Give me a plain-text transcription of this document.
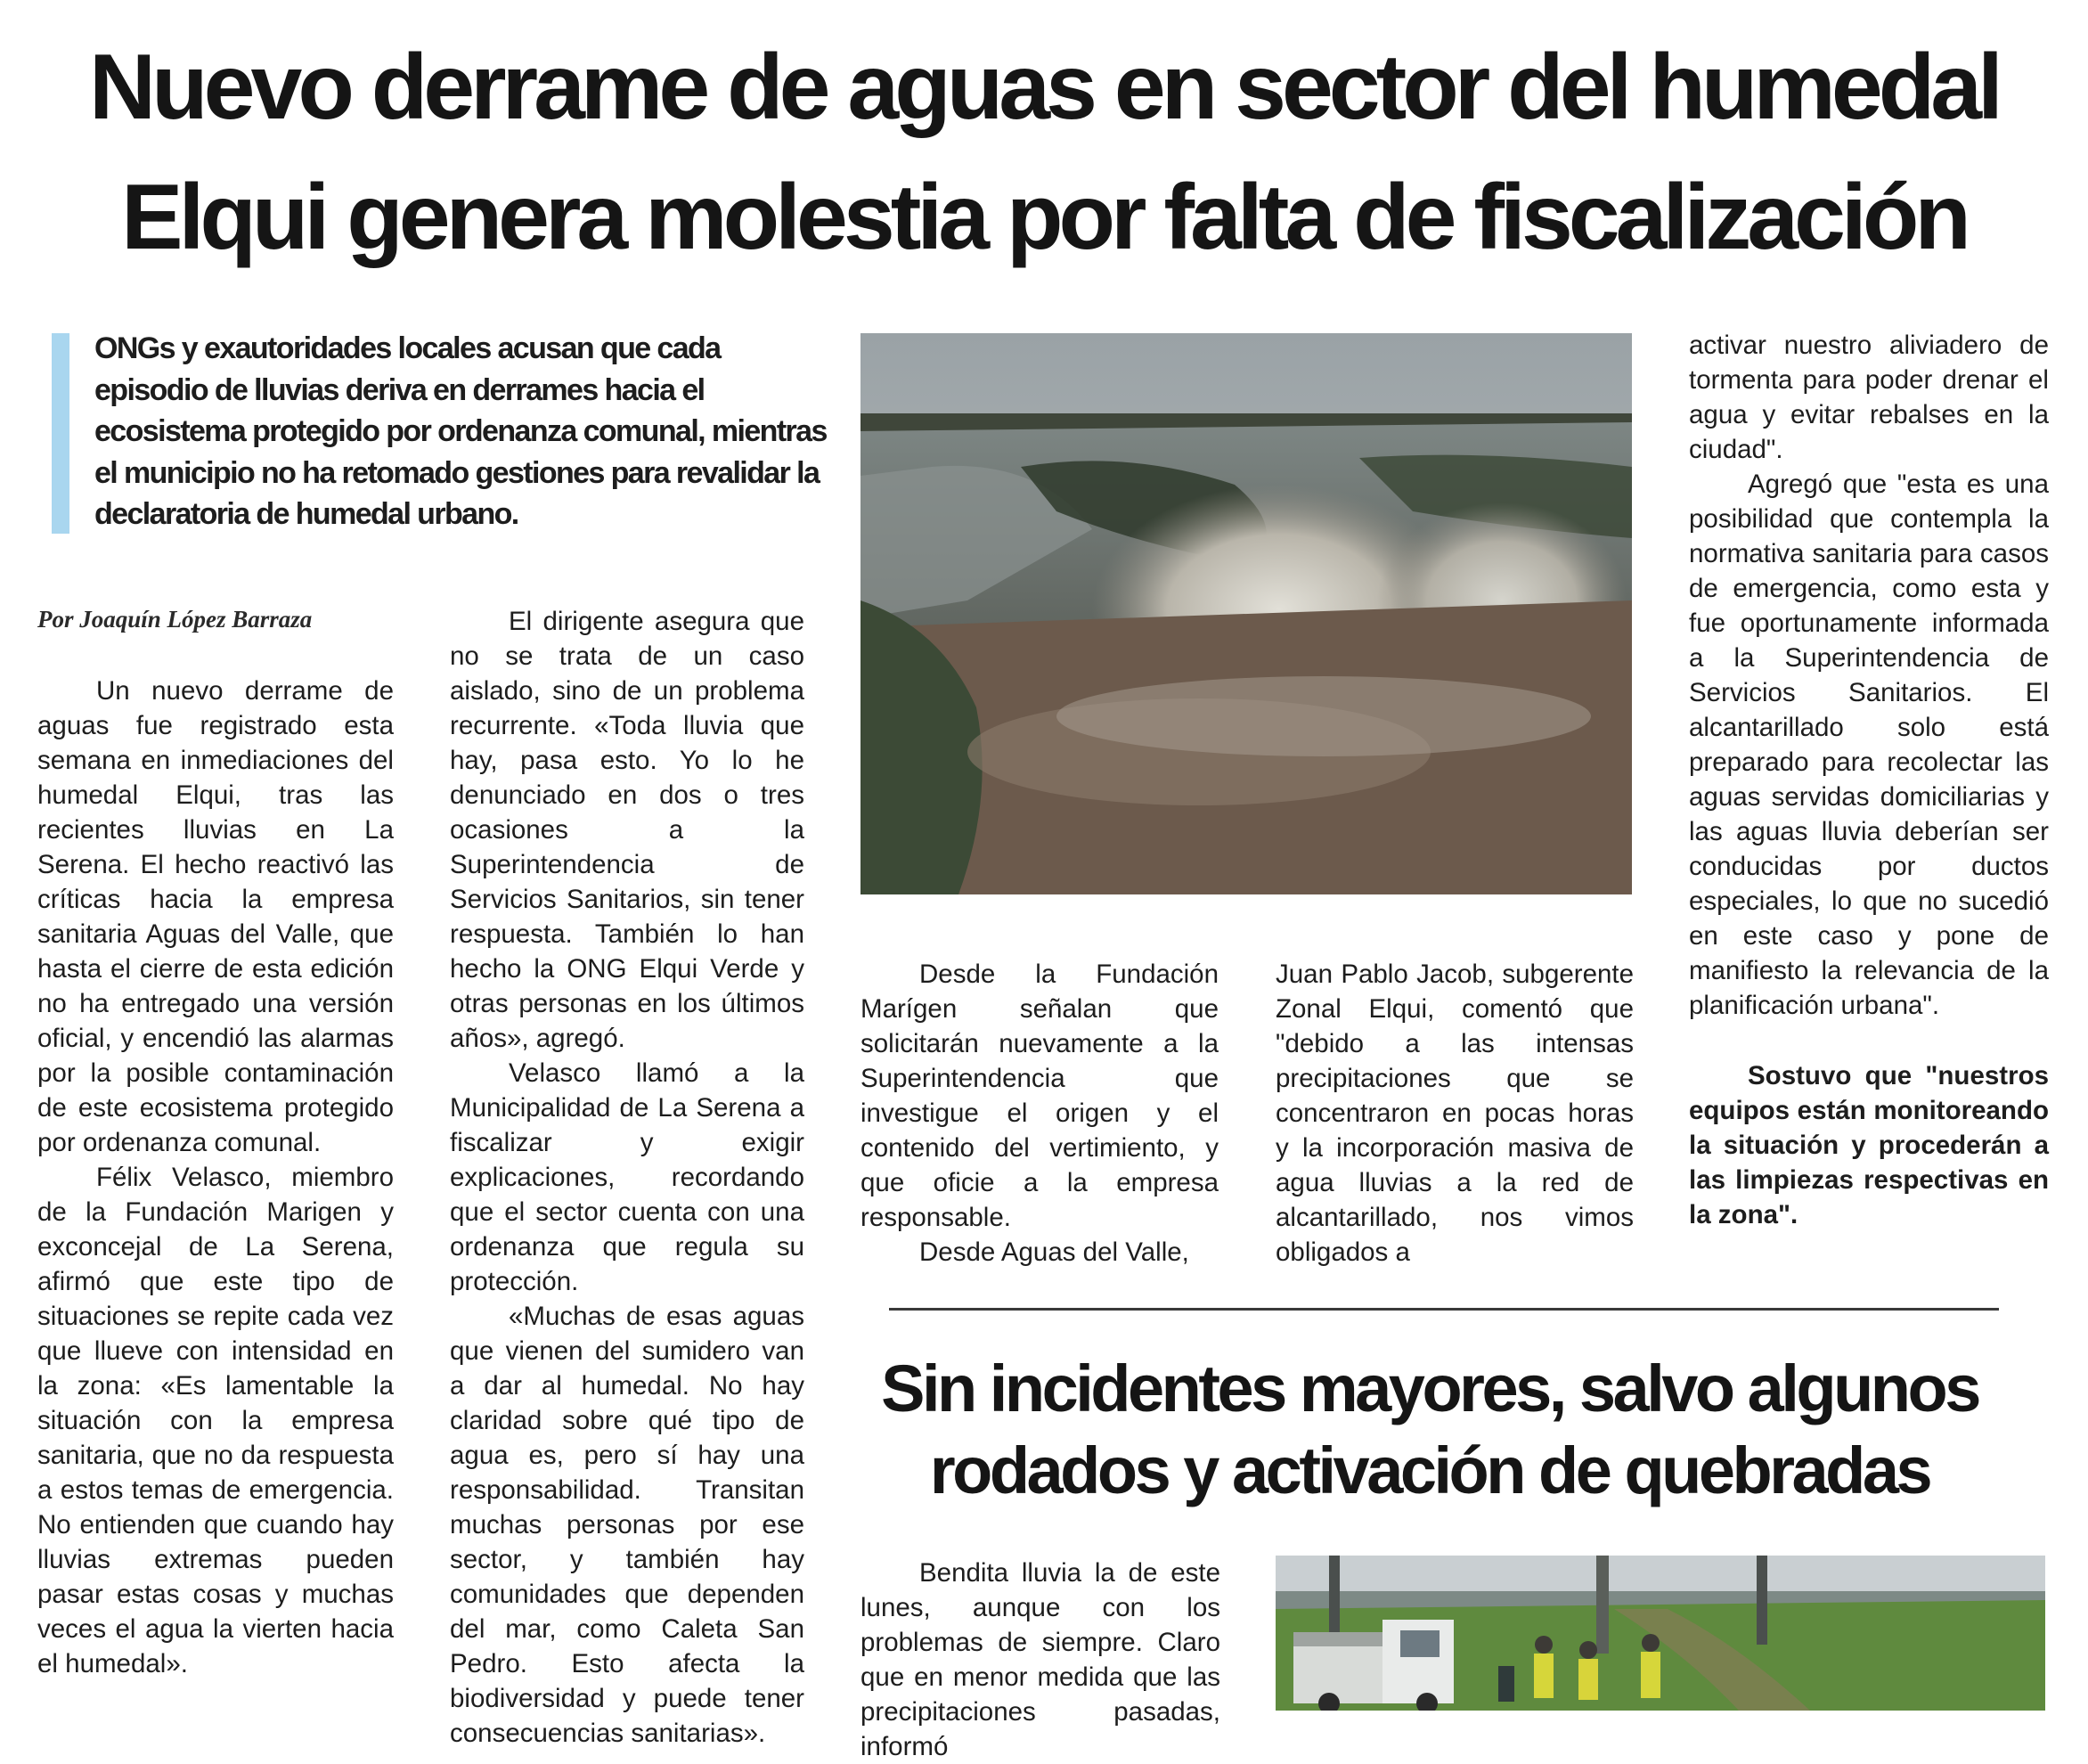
Nuevo derrame de aguas en sector del humedal
Elqui genera molestia por falta de fiscalización

ONGs y exautoridades locales acusan que cada episodio de lluvias deriva en derrames hacia el ecosistema protegido por ordenanza comunal, mientras el municipio no ha retomado gestiones para revalidar la declaratoria de humedal urbano.

Por Joaquín López Barraza

Un nuevo derrame de aguas fue registrado esta semana en inmediaciones del humedal Elqui, tras las recientes lluvias en La Serena. El hecho reactivó las críticas hacia la empresa sanitaria Aguas del Valle, que hasta el cierre de esta edición no ha entregado una versión oficial, y encendió las alarmas por la posible contaminación de este ecosistema protegido por ordenanza comunal.

Félix Velasco, miembro de la Fundación Marigen y exconcejal de La Serena, afirmó que este tipo de situaciones se repite cada vez que llueve con intensidad en la zona: «Es lamentable la situación con la empresa sanitaria, que no da respuesta a estos temas de emergencia. No entienden que cuando hay lluvias extremas pueden pasar estas cosas y muchas veces el agua la vierten hacia el humedal».

El dirigente asegura que no se trata de un caso aislado, sino de un problema recurrente. «Toda lluvia que hay, pasa esto. Yo lo he denunciado en dos o tres ocasiones a la Superintendencia de Servicios Sanitarios, sin tener respuesta. También lo han hecho la ONG Elqui Verde y otras personas en los últimos años», agregó.

Velasco llamó a la Municipalidad de La Serena a fiscalizar y exigir explicaciones, recordando que el sector cuenta con una ordenanza que regula su protección.

«Muchas de esas aguas que vienen del sumidero van a dar al humedal. No hay claridad sobre qué tipo de agua es, pero sí hay una responsabilidad. Transitan muchas personas por ese sector, y también hay comunidades que dependen del mar, como Caleta San Pedro. Esto afecta la biodiversidad y puede tener consecuencias sanitarias».

Desde la Fundación Marígen señalan que solicitarán nuevamente a la Superintendencia que investigue el origen y el contenido del vertimiento, y que oficie a la empresa responsable.

Desde Aguas del Valle,

Juan Pablo Jacob, subgerente Zonal Elqui, comentó que "debido a las intensas precipitaciones que se concentraron en pocas horas y la incorporación masiva de agua lluvias a la red de alcantarillado, nos vimos obligados a

activar nuestro aliviadero de tormenta para poder drenar el agua y evitar rebalses en la ciudad".

Agregó que "esta es una posibilidad que contempla la normativa sanitaria para casos de emergencia, como esta y fue oportunamente informada a la Superintendencia de Servicios Sanitarios. El alcantarillado solo está preparado para recolectar las aguas servidas domiciliarias y las aguas lluvia deberían ser conducidas por ductos especiales, lo que no sucedió en este caso y pone de manifiesto la relevancia de la planificación urbana".

Sostuvo que "nuestros equipos están monitoreando la situación y procederán a las limpiezas respectivas en la zona".

Sin incidentes mayores, salvo algunos
rodados y activación de quebradas

Bendita lluvia la de este lunes, aunque con los problemas de siempre. Claro que en menor medida que las precipitaciones pasadas, informó
